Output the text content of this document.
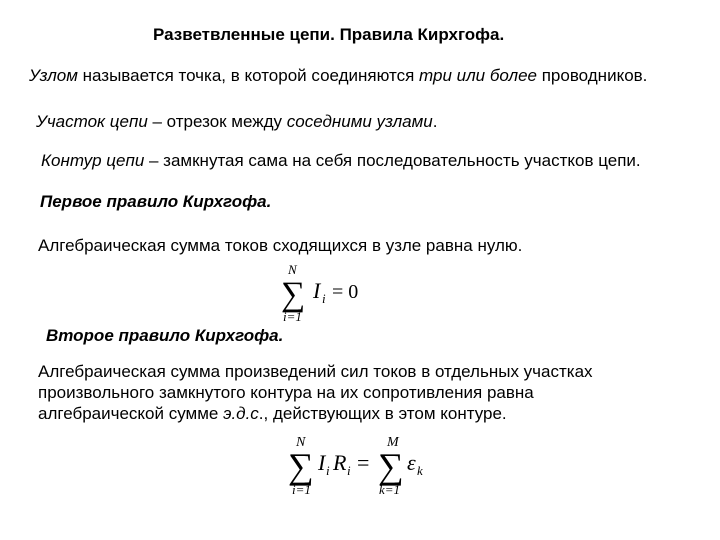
Разветвленные цепи. Правила Кирхгофа.
Узлом называется точка, в которой соединяются три или более проводников.
Участок цепи – отрезок между соседними узлами.
Контур цепи – замкнутая сама на себя последовательность участков цепи.
Первое правило Кирхгофа.
Алгебраическая сумма токов сходящихся в узле равна нулю.
N
∑
i=1
I i = 0
Второе правило Кирхгофа.
Алгебраическая сумма произведений сил токов в отдельных участках
произвольного замкнутого контура на их сопротивления равна
алгебраической сумме э.д.с., действующих в этом контуре.
N
∑
i=1
I i R i =
M
∑
k=1
ε k
